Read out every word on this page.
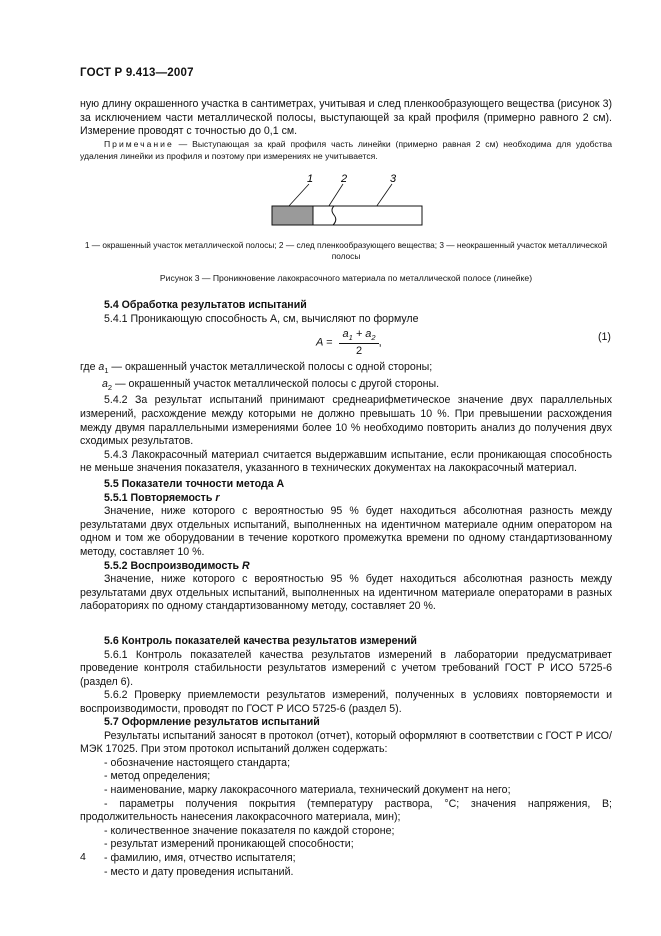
ГОСТ Р 9.413—2007

ную длину окрашенного участка в сантиметрах, учитывая и след пленкообразующего вещества (рисунок 3) за исключением части металлической полосы, выступающей за край профиля (примерно равного 2 см). Измерение проводят с точностью до 0,1 см.

Примечание — Выступающая за край профиля часть линейки (примерно равная 2 см) необходима для удобства удаления линейки из профиля и поэтому при измерениях не учитывается.
1	2	3
1 — окрашенный участок металлической полосы; 2 — след пленкообразующего вещества; 3 — неокрашенный участок металлической полосы
Рисунок 3 — Проникновение лакокрасочного материала по металлической полосе (линейке)

5.4 Обработка результатов испытаний

5.4.1 Проникающую способность А, см, вычисляют по формуле

$A = \frac{a_1 + a_2}{2}$ ,	(1)

где $a_1$ — окрашенный участок металлической полосы с одной стороны;

$a_2$ — окрашенный участок металлической полосы с другой стороны.

5.4.2 За результат испытаний принимают среднеарифметическое значение двух параллельных измерений, расхождение между которыми не должно превышать 10 %. При превышении расхождения между двумя параллельными измерениями более 10 % необходимо повторить анализ до получения двух сходимых результатов.

5.4.3 Лакокрасочный материал считается выдержавшим испытание, если проникающая способность не меньше значения показателя, указанного в технических документах на лакокрасочный материал.

5.5 Показатели точности метода А

5.5.1 Повторяемость r

Значение, ниже которого с вероятностью 95 % будет находиться абсолютная разность между результатами двух отдельных испытаний, выполненных на идентичном материале одним оператором на одном и том же оборудовании в течение короткого промежутка времени по одному стандартизованному методу, составляет 10 %.

5.5.2 Воспроизводимость R

Значение, ниже которого с вероятностью 95 % будет находиться абсолютная разность между результатами двух отдельных испытаний, выполненных на идентичном материале операторами в разных лабораториях по одному стандартизованному методу, составляет 20 %.

5.6 Контроль показателей качества результатов измерений

5.6.1 Контроль показателей качества результатов измерений в лаборатории предусматривает проведение контроля стабильности результатов измерений с учетом требований ГОСТ Р ИСО 5725-6 (раздел 6).

5.6.2 Проверку приемлемости результатов измерений, полученных в условиях повторяемости и воспроизводимости, проводят по ГОСТ Р ИСО 5725-6 (раздел 5).

5.7 Оформление результатов испытаний

Результаты испытаний заносят в протокол (отчет), который оформляют в соответствии с ГОСТ Р ИСО/МЭК 17025. При этом протокол испытаний должен содержать:

- обозначение настоящего стандарта;

- метод определения;

- наименование, марку лакокрасочного материала, технический документ на него;

- параметры получения покрытия (температуру раствора, °C; значения напряжения, В; продолжительность нанесения лакокрасочного материала, мин);

- количественное значение показателя по каждой стороне;

- результат измерений проникающей способности;

- фамилию, имя, отчество испытателя;

- место и дату проведения испытаний.

4
